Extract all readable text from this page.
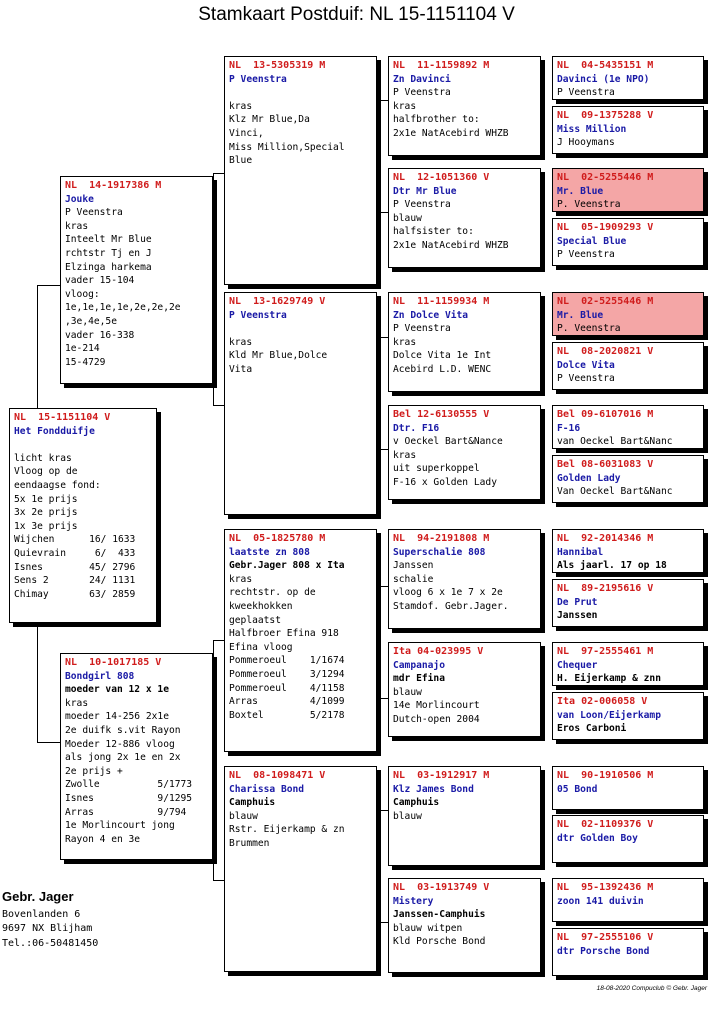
Stamkaart Postduif: NL 15-1151104 V
NL  15-1151104 V
Het Fondduifje

licht kras
Vloog op de
eendaagse fond:
5x 1e prijs
3x 2e prijs
1x 3e prijs
Wijchen      16/ 1633
Quievrain     6/  433
Isnes        45/ 2796
Sens 2       24/ 1131
Chimay       63/ 2859
NL  14-1917386 M
Jouke
P Veenstra
kras
Inteelt Mr Blue
rchtstr Tj en J
Elzinga harkema
vader 15-104
vloog:
1e,1e,1e,1e,2e,2e,2e
,3e,4e,5e
vader 16-338
1e-214
15-4729
NL  10-1017185 V
Bondgirl 808
moeder van 12 x 1e
kras
moeder 14-256 2x1e
2e duifk s.vit Rayon
Moeder 12-886 vloog
als jong 2x 1e en 2x
2e prijs +
Zwolle          5/1773
Isnes           9/1295
Arras           9/794
1e Morlincourt jong
Rayon 4 en 3e
NL  13-5305319 M
P Veenstra

kras
Klz Mr Blue,Da
Vinci,
Miss Million,Special
Blue
NL  13-1629749 V
P Veenstra

kras
Kld Mr Blue,Dolce
Vita
NL  05-1825780 M
laatste zn 808
Gebr.Jager 808 x Ita
kras
rechtstr. op de
kweekhokken
geplaatst
Halfbroer Efina 918
Efina vloog
Pommeroeul    1/1674
Pommeroeul    3/1294
Pommeroeul    4/1158
Arras         4/1099
Boxtel        5/2178
NL  08-1098471 V
Charissa Bond
Camphuis
blauw
Rstr. Eijerkamp & zn
Brummen
NL  11-1159892 M
Zn Davinci
P Veenstra
kras
halfbrother to:
2x1e NatAcebird WHZB
NL  12-1051360 V
Dtr Mr Blue
P Veenstra
blauw
halfsister to:
2x1e NatAcebird WHZB
NL  11-1159934 M
Zn Dolce Vita
P Veenstra
kras
Dolce Vita 1e Int
Acebird L.D. WENC
Bel 12-6130555 V
Dtr. F16
v Oeckel Bart&Nance
kras
uit superkoppel
F-16 x Golden Lady
NL  94-2191808 M
Superschalie 808
Janssen
schalie
vloog 6 x 1e 7 x 2e
Stamdof. Gebr.Jager.
Ita 04-023995 V
Campanajo
mdr Efina
blauw
14e Morlincourt
Dutch-open 2004
NL  03-1912917 M
Klz James Bond
Camphuis
blauw
NL  03-1913749 V
Mistery
Janssen-Camphuis
blauw witpen
Kld Porsche Bond
NL  04-5435151 M
Davinci (1e NPO)
P Veenstra
NL  09-1375288 V
Miss Million
J Hooymans
NL  02-5255446 M
Mr. Blue
P. Veenstra
NL  05-1909293 V
Special Blue
P Veenstra
NL  02-5255446 M
Mr. Blue
P. Veenstra
NL  08-2020821 V
Dolce Vita
P Veenstra
Bel 09-6107016 M
F-16
van Oeckel Bart&Nanc
Bel 08-6031083 V
Golden Lady
Van Oeckel Bart&Nanc
NL  92-2014346 M
Hannibal
Als jaarl. 17 op 18
NL  89-2195616 V
De Prut
Janssen
NL  97-2555461 M
Chequer
H. Eijerkamp & znn
Ita 02-006058 V
van Loon/Eijerkamp
Eros Carboni
NL  90-1910506 M
05 Bond
NL  02-1109376 V
dtr Golden Boy
NL  95-1392436 M
zoon 141 duivin
NL  97-2555106 V
dtr Porsche Bond
Gebr. Jager
Bovenlanden 6
9697 NX Blijham
Tel.:06-50481450
18-08-2020 Compuclub © Gebr. Jager
